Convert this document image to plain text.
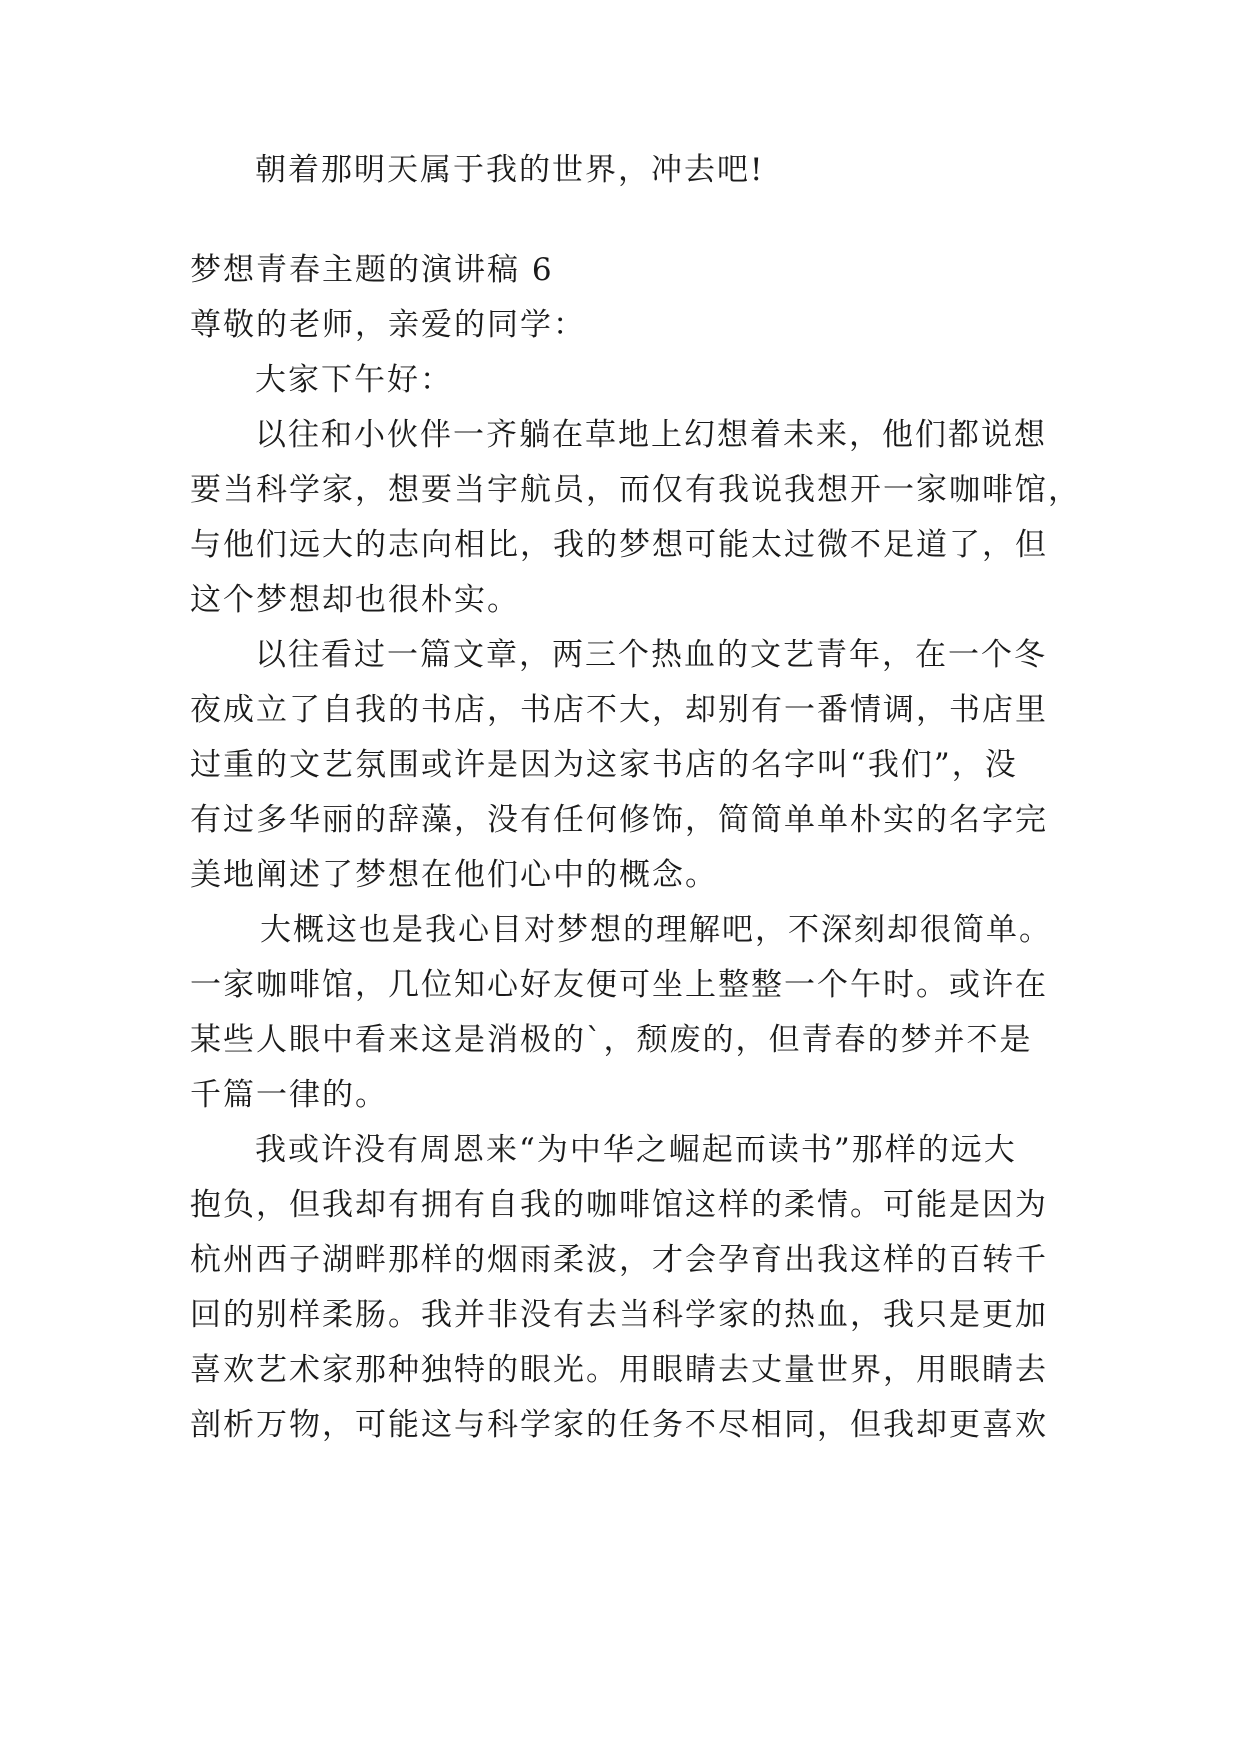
朝着那明天属于我的世界，冲去吧!
梦想青春主题的演讲稿 6
尊敬的老师，亲爱的同学：
大家下午好：
以往和小伙伴一齐躺在草地上幻想着未来，他们都说想
要当科学家，想要当宇航员，而仅有我说我想开一家咖啡馆，
与他们远大的志向相比，我的梦想可能太过微不足道了，但
这个梦想却也很朴实。
以往看过一篇文章，两三个热血的文艺青年，在一个冬
夜成立了自我的书店，书店不大，却别有一番情调，书店里
过重的文艺氛围或许是因为这家书店的名字叫“我们”，没
有过多华丽的辞藻，没有任何修饰，简简单单朴实的名字完
美地阐述了梦想在他们心中的概念。
大概这也是我心目对梦想的理解吧，不深刻却很简单。
一家咖啡馆，几位知心好友便可坐上整整一个午时。或许在
某些人眼中看来这是消极的`，颓废的，但青春的梦并不是
千篇一律的。
我或许没有周恩来“为中华之崛起而读书”那样的远大
抱负，但我却有拥有自我的咖啡馆这样的柔情。可能是因为
杭州西子湖畔那样的烟雨柔波，才会孕育出我这样的百转千
回的别样柔肠。我并非没有去当科学家的热血，我只是更加
喜欢艺术家那种独特的眼光。用眼睛去丈量世界，用眼睛去
剖析万物，可能这与科学家的任务不尽相同，但我却更喜欢
